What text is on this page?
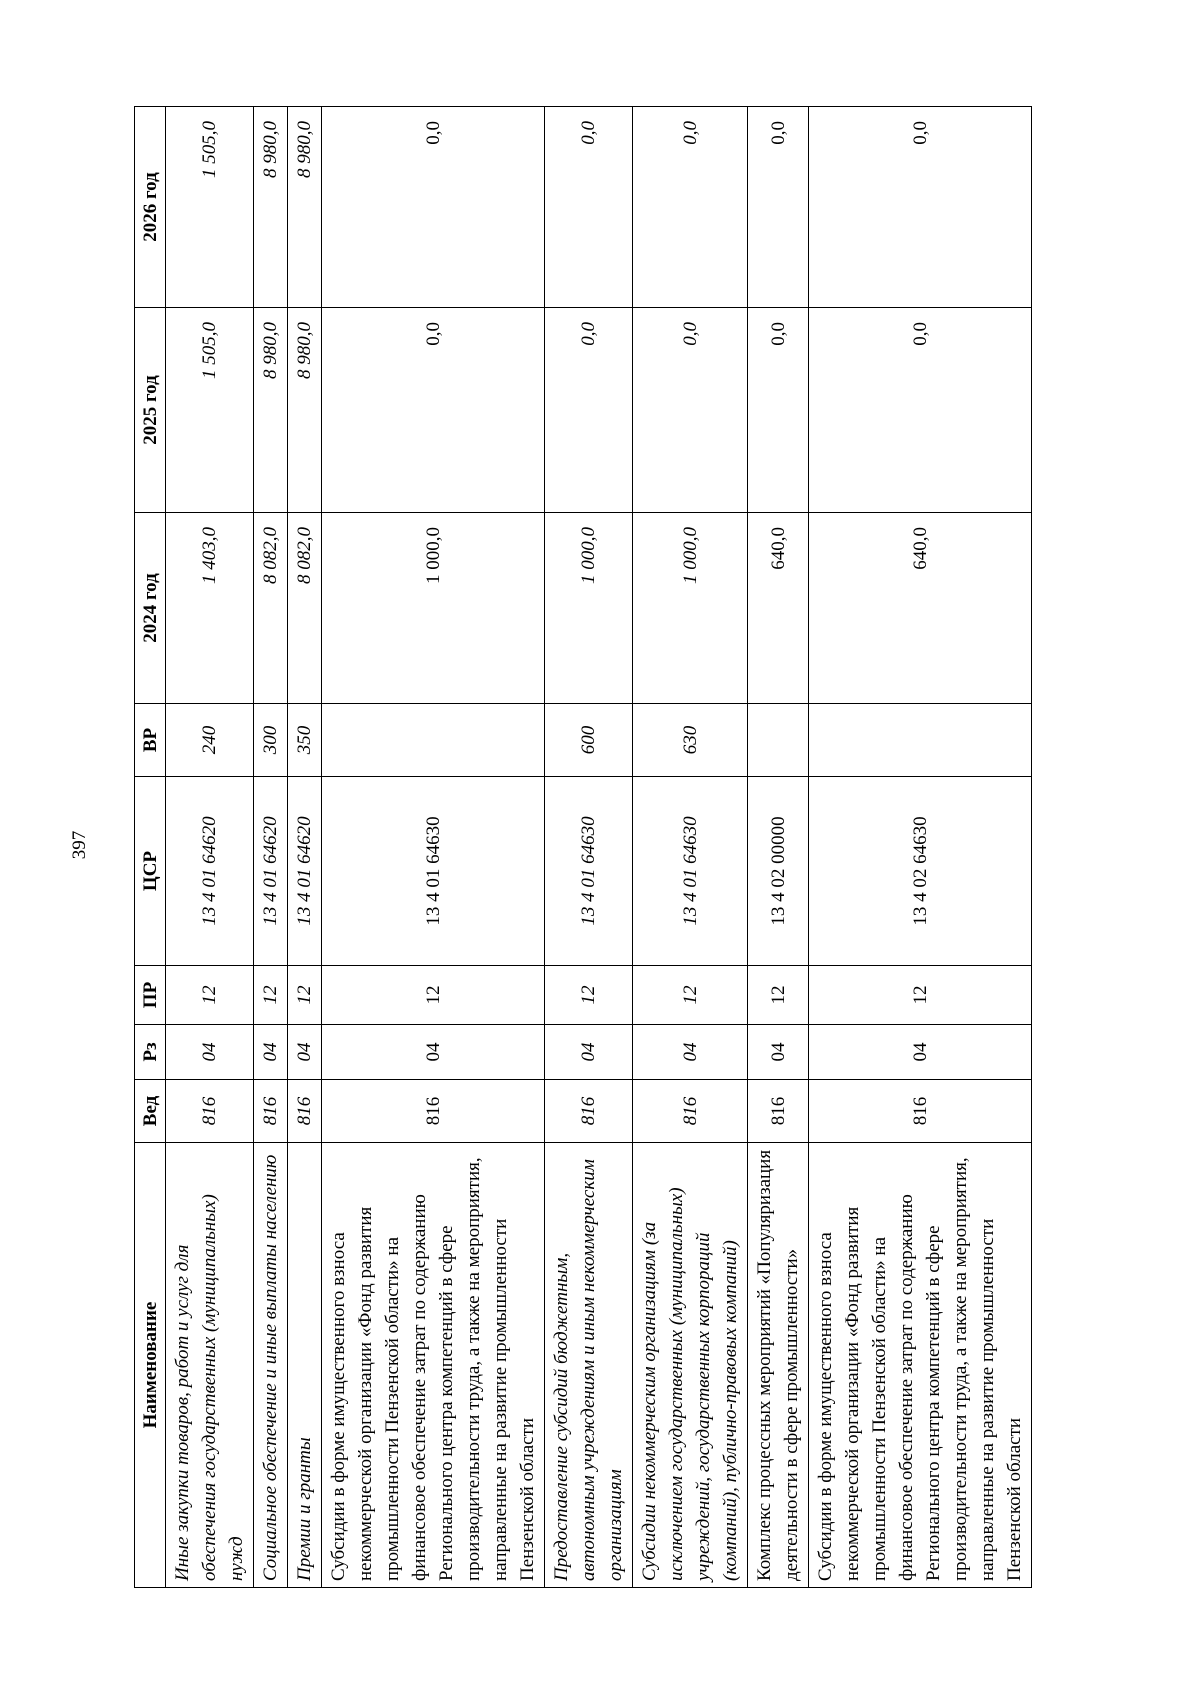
397
Наименование	Вед	Рз	ПР	ЦСР	ВР	2024 год	2025 год	2026 год
Иные закупки товаров, работ и услуг для обеспечения государственных (муниципальных) нужд	816	04	12	13 4 01 64620	240	1 403,0	1 505,0	1 505,0
Социальное обеспечение и иные выплаты населению	816	04	12	13 4 01 64620	300	8 082,0	8 980,0	8 980,0
Премии и гранты	816	04	12	13 4 01 64620	350	8 082,0	8 980,0	8 980,0
Субсидии в форме имущественного взноса некоммерческой организации «Фонд развития промышленности Пензенской области» на финансовое обеспечение затрат по содержанию Регионального центра компетенций в сфере производительности труда, а также на мероприятия, направленные на развитие промышленности Пензенской области	816	04	12	13 4 01 64630		1 000,0	0,0	0,0
Предоставление субсидий бюджетным, автономным учреждениям и иным некоммерческим организациям	816	04	12	13 4 01 64630	600	1 000,0	0,0	0,0
Субсидии некоммерческим организациям (за исключением государственных (муниципальных) учреждений, государственных корпораций (компаний), публично-правовых компаний)	816	04	12	13 4 01 64630	630	1 000,0	0,0	0,0
Комплекс процессных мероприятий «Популяризация деятельности в сфере промышленности»	816	04	12	13 4 02 00000		640,0	0,0	0,0
Субсидии в форме имущественного взноса некоммерческой организации «Фонд развития промышленности Пензенской области» на финансовое обеспечение затрат по содержанию Регионального центра компетенций в сфере производительности труда, а также на мероприятия, направленные на развитие промышленности Пензенской области	816	04	12	13 4 02 64630		640,0	0,0	0,0
